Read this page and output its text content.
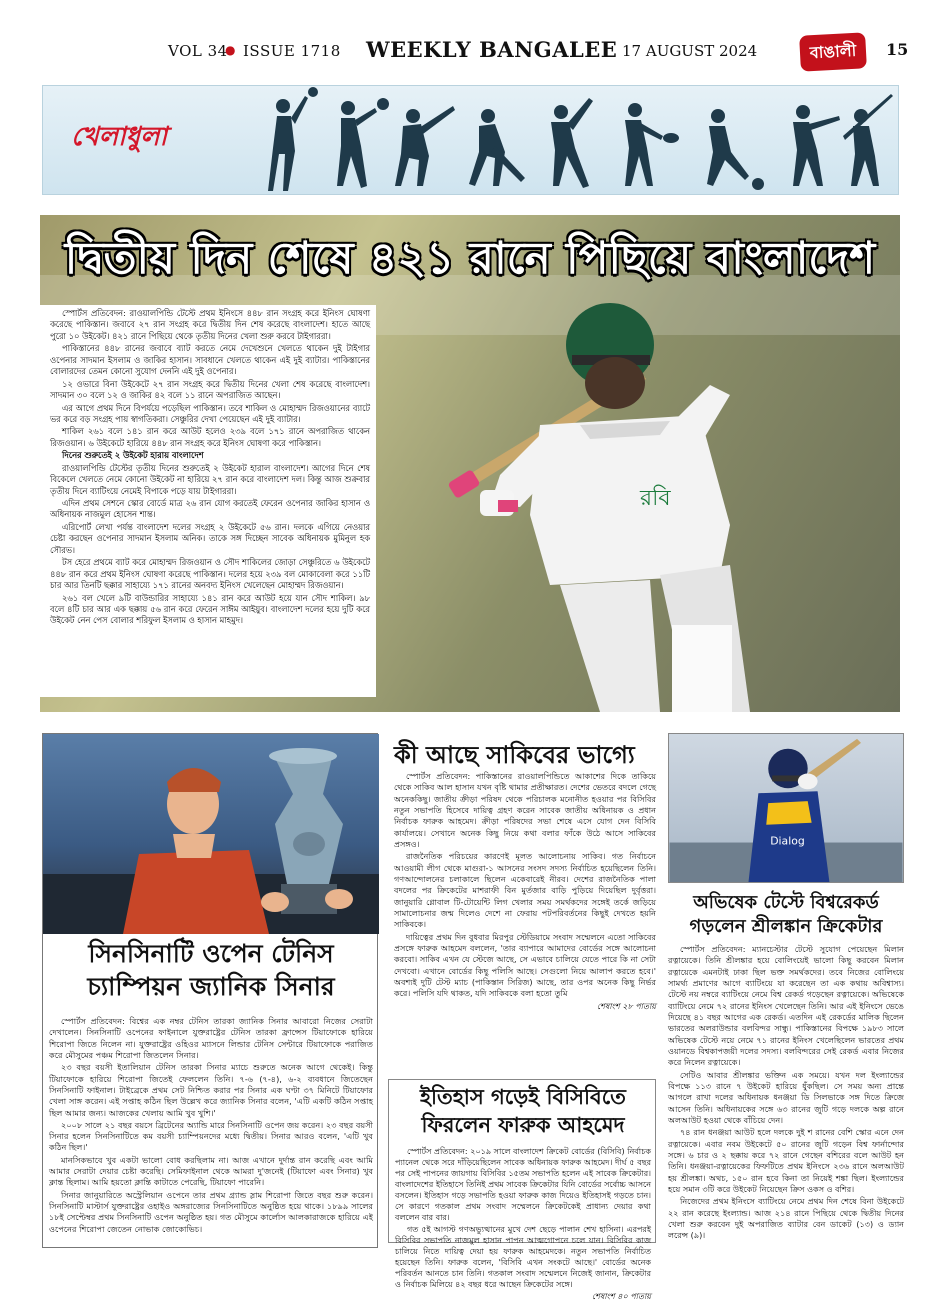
VOL 34
● ISSUE 1718 WEEKLY BANGALEE 17 AUGUST 2024	বাঙালী	15
খেলাধুলা
রবি
দ্বিতীয় দিন শেষে ৪২১ রানে পিছিয়ে বাংলাদেশ

স্পোর্টস প্রতিবেদন: রাওয়ালপিন্ডি টেস্টে প্রথম ইনিংসে ৪৪৮ রান সংগ্রহ করে ইনিংস ঘোষণা করেছে পাকিস্তান। জবাবে ২৭ রান সংগ্রহ করে দ্বিতীয় দিন শেষ করেছে বাংলাদেশ। হাতে আছে পুরো ১০ উইকেট। ৪২১ রানে পিছিয়ে থেকে তৃতীয় দিনের খেলা শুরু করবে টাইগাররা।

পাকিস্তানের ৪৪৮ রানের জবাবে ব্যাট করতে নেমে দেখেশুনে খেলতে থাকেন দুই টাইগার ওপেনার সাদমান ইসলাম ও জাকির হাসান। সাবধানে খেলতে থাকেন এই দুই ব্যাটার। পাকিস্তানের বোলারদের তেমন কোনো সুযোগ দেননি এই দুই ওপেনার।

১২ ওভারে বিনা উইকেটে ২৭ রান সংগ্রহ করে দ্বিতীয় দিনের খেলা শেষ করেছে বাংলাদেশ। সাদমান ৩০ বলে ১২ ও জাকির ৪২ বলে ১১ রানে অপরাজিত আছেন।

এর আগে প্রথম দিনে বিপর্যয়ে পড়েছিল পাকিস্তান। তবে শাকিল ও মোহাম্মদ রিজওয়ানের ব্যাটে ভর করে বড় সংগ্রহ পায় স্বাগতিকরা। সেঞ্চুরির দেখা পেয়েছেন এই দুই ব্যাটার।

শাকিল ২৬১ বলে ১৪১ রান করে আউট হলেও ২৩৯ বলে ১৭১ রানে অপরাজিত থাকেন রিজওয়ান। ৬ উইকেটে হারিয়ে ৪৪৮ রান সংগ্রহ করে ইনিংস ঘোষণা করে পাকিস্তান।

দিনের শুরুতেই ২ উইকেট হারায় বাংলাদেশ

রাওয়ালপিন্ডি টেস্টের তৃতীয় দিনের শুরুতেই ২ উইকেট হারাল বাংলাদেশ। আগের দিনে শেষ বিকেলে খেলতে নেমে কোনো উইকেট না হারিয়ে ২৭ রান করে বাংলাদেশ দল। কিন্তু আজ শুক্রবার তৃতীয় দিনে ব্যাটিংয়ে নেমেই বিপাকে পড়ে যায় টাইগাররা।

এদিন প্রথম সেশনে স্কোর বোর্ডে মাত্র ২৬ রান যোগ করতেই ফেরেন ওপেনার জাকির হাসান ও অধিনায়ক নাজমুল হোসেন শান্ত।

এরিপোর্ট লেখা পর্যন্ত বাংলাদেশ দলের সংগ্রহ ২ উইকেটে ৫৬ রান। দলকে এগিয়ে নেওয়ার চেষ্টা করছেন ওপেনার সাদমান ইসলাম অনিক। তাকে সঙ্গ দিচ্ছেন সাবেক অধিনায়ক মুমিনুল হক সৌরভ।

টস হেরে প্রথমে ব্যাট করে মোহাম্মদ রিজওয়ান ও সৌদ শাকিলের জোড়া সেঞ্চুরিতে ৬ উইকেটে ৪৪৮ রান করে প্রথম ইনিংস ঘোষণা করেছে পাকিস্তান। দলের হয়ে ২৩৯ বল মোকাবেলা করে ১১টি চার আর তিনটি ছক্কার সাহায্যে ১৭১ রানের অনবদ্য ইনিংস খেলেছেন মোহাম্মদ রিজওয়ান।

২৬১ বল খেলে ৯টি বাউন্ডারির সাহায্যে ১৪১ রান করে আউট হয়ে যান সৌদ শাকিল। ৯৮ বলে ৪টি চার আর এক ছক্কায় ৫৬ রান করে ফেরেন সাঈম আইয়ুব। বাংলাদেশ দলের হয়ে দুটি করে উইকেট নেন পেস বোলার শরিফুল ইসলাম ও হাসান মাহমুদ।

সিনসিনাটি ওপেন টেনিস চ্যাম্পিয়ন জ্যানিক সিনার

স্পোর্টস প্রতিবেদন: বিশ্বের এক নম্বর টেনিস তারকা জ্যানিক সিনার আবারো নিজের সেরাটা দেখালেন। সিনসিনাটি ওপেনের ফাইনালে যুক্তরাষ্ট্রের টেনিস তারকা ফ্রান্সেস টিয়াফোকে হারিয়ে শিরোপা জিতে নিলেন না। যুক্তরাষ্ট্রের ওহিওর ম্যাসনে লিন্ডার টেনিস সেন্টারে টিয়াফোকে পরাজিত করে মৌসুমের পঞ্চম শিরোপা জিতলেন সিনার।

২৩ বছর বয়সী ইতালিয়ান টেনিস তারকা সিনার ম্যাচে শুরুতে অনেক আগে থেকেই। কিন্তু টিয়াফোকে হারিয়ে শিরোপা জিতেই ফেললেন তিনি। ৭-৬ (৭-৪), ৬-২ ব্যবধানে জিতেছেন সিনসিনাটি ফাইনাল। টাইব্রেকে প্রথম সেট নিশ্চিত করার পর সিনার এক ঘণ্টা ৩৭ মিনিটে টিয়াফোর খেলা সাঙ্গ করেন। এই সপ্তাহ কঠিন ছিল উল্লেখ করে জ্যানিক সিনার বলেন, 'এটি একটি কঠিন সপ্তাহ ছিল আমার জন্য। আজকের খেলায় আমি খুব খুশি।'

২০০৮ সালে ২১ বছর বয়সে ব্রিটেনের অ্যান্ডি মারে সিনসিনাটি ওপেন জয় করেন। ২৩ বছর বয়সী সিনার হলেন সিনসিনাটিতে কম বয়সী চ্যাম্পিয়নদের মধ্যে দ্বিতীয়। সিনার আরও বলেন, 'এটি খুব কঠিন ছিল।'

মানসিকভাবে খুব একটা ভালো বোধ করছিলাম না। আজ এখানে দুর্দান্ত রান করেছি এবং আমি আমার সেরাটা দেয়ার চেষ্টা করেছি। সেমিফাইনাল থেকে আমরা দু'জনেই (টিয়াফো এবং সিনার) খুব ক্লান্ত ছিলাম। আমি হয়তো ক্লান্তি কাটাতে পেরেছি, টিয়াফো পারেনি।

সিনার জানুয়ারিতে অস্ট্রেলিয়ান ওপেনে তার প্রথম গ্র্যান্ড স্লাম শিরোপা জিতে বছর শুরু করেন। সিনসিনাটি মাস্টার্স যুক্তরাষ্ট্রের ওহাইও অঙ্গরাজ্যের সিনসিনাটিতে অনুষ্ঠিত হয়ে থাকে। ১৮৯৯ সালের ১৮ই সেপ্টেম্বর প্রথম সিনসিনাটি ওপেন অনুষ্ঠিত হয়। গত মৌসুমে কার্লোস আলকারাজকে হারিয়ে এই ওপেনের শিরোপা জেতেন নোভাক জোকোভিচ।

কী আছে সাকিবের ভাগ্যে

স্পোর্টস প্রতিবেদন: পাকিস্তানের রাওয়ালপিন্ডিতে আকাশের দিকে তাকিয়ে থেকে সাকিব আল হাসান যখন বৃষ্টি থামার প্রতীক্ষারত। দেশের ভেতরে বদলে গেছে অনেককিছু। জাতীয় ক্রীড়া পরিষদ থেকে পরিচালক মনোনীত হওয়ার পর বিসিবির নতুন সভাপতি হিসেবে দায়িত্ব গ্রহণ করেন সাবেক জাতীয় অধিনায়ক ও প্রধান নির্বাচক ফারুক আহমেদ। ক্রীড়া পরিষদের সভা শেষে এসে যোগ দেন বিসিবি কার্যালয়ে। সেখানে অনেক কিছু নিয়ে কথা বলার ফাঁকে উঠে আসে সাকিবের প্রসঙ্গও।

রাজনৈতিক পরিচয়ের কারণেই মূলত আলোচনায় সাকিব। গত নির্বাচনে আওয়ামী লীগ থেকে মাগুরা-১ আসনের সংসদ সদস্য নির্বাচিত হয়েছিলেন তিনি। গণআন্দোলনের চলাকালে ছিলেন একেবারেই নীরব। দেশের রাজনৈতিক পালা বদলের পর ক্রিকেটের মাশরাফী বিন মুর্তজার বাড়ি পুড়িয়ে দিয়েছিল দুর্বৃত্তরা। জানুয়ারি গ্লোবাল টি-টোয়েন্টি লিগ খেলার সময় সমর্থকদের সঙ্গেই তর্কে জড়িয়ে সামালোচনার জন্ম দিলেও দেশে না ফেরায় পটপরিবর্তনের কিছুই দেখতে হয়নি সাকিবকে।

দায়িত্বের প্রথম দিন বুধবার মিরপুর স্টেডিয়ামে সংবাদ সম্মেলনে এতো সাকিবের প্রসঙ্গে ফারুক আহমেদ বললেন, 'তার ব্যাপারে আমাদের বোর্ডের সঙ্গে আলোচনা করবো। সাকিব এখন যে স্টেজে আছে, সে এভাবে চালিয়ে যেতে পারে কি না সেটা দেখবো। এখানে বোর্ডের কিছু পলিসি আছে। সেগুলো নিয়ে আলাপ করতে হবে।' অবশ্যই দুটি টেস্ট ম্যাচ (পাকিস্তান সিরিজ) আছে, তার ওপর অনেক কিছু নির্ভর করে। পলিসি যদি থাকত, যদি সাকিবকে বলা হতো তুমি

শেষাংশ ২৮ পাতায়
ইতিহাস গড়েই বিসিবিতে ফিরলেন ফারুক আহমেদ

স্পোর্টস প্রতিবেদন: ২০১৯ সালে বাংলাদেশ ক্রিকেট বোর্ডের (বিসিবি) নির্বাচক প্যানেল থেকে সরে দাঁড়িয়েছিলেন সাবেক অধিনায়ক ফারুক আহমেদ। দীর্ঘ ৫ বছর পর সেই পাপনের জায়গায় বিসিবির ১৫তম সভাপতি হলেন এই সাবেক ক্রিকেটার। বাংলাদেশের ইতিহাসে তিনিই প্রথম সাবেক ক্রিকেটার যিনি বোর্ডের সর্বোচ্চ আসনে বসলেন। ইতিহাস গড়ে সভাপতি হওয়া ফারুক কাজ দিয়েও ইতিহাসই গড়তে চান। সে কারণে গতকাল প্রথম সংবাদ সম্মেলনে ক্রিকেটকেই প্রাধান্য দেয়ার কথা বললেন বার বার।

গত ৫ই আগস্ট গণঅভ্যুত্থানের মুখে দেশ ছেড়ে পালান শেখ হাসিনা। এরপরই বিসিবির সভাপতি নাজমুল হাসান পাপন আত্মগোপনে চলে যান। বিসিবির কাজ চালিয়ে নিতে দায়িত্ব দেয়া হয় ফারুক আহমেদকে। নতুন সভাপতি নির্বাচিত হয়েছেন তিনি। ফারুক বলেন, 'বিসিবি এখন সংকটে আছে।' বোর্ডের অনেক পরিবর্তন আনতে চান তিনি। গতকাল সংবাদ সম্মেলনে নিজেই জানান, ক্রিকেটার ও নির্বাচক মিলিয়ে ৪২ বছর ধরে আছেন ক্রিকেটের সঙ্গে।

শেষাংশ ৪০ পাতায়
Dialog
অভিষেক টেস্টে বিশ্বরেকর্ড গড়লেন শ্রীলঙ্কান ক্রিকেটার

স্পোর্টস প্রতিবেদন: ম্যানচেস্টার টেস্টে সুযোগ পেয়েছেন মিলান রত্নায়েকে। তিনি শ্রীলঙ্কার হয়ে বোলিংয়েই ভালো কিছু করবেন মিলান রত্নায়েকে এমনটাই ঢাকা ছিল ভক্ত সমর্থকদের। তবে নিজের বোলিংয়ে সামর্থ্য প্রমাণের আগে ব্যাটিংয়ে যা করেছেন তা এক কথায় অবিশ্বাস্য। টেস্টে নয় নম্বরে ব্যাটিংয়ে নেমে বিশ্ব রেকর্ড গড়েছেন রত্নায়েকে। অভিষেকে ব্যাটিংয়ে নেমে ৭২ রানের ইনিংস খেলেছেন তিনি। আর এই ইনিংসে ভেঙে দিয়েছে ৪১ বছর আগের এক রেকর্ড। এতদিন এই রেকর্ডের মালিক ছিলেন ভারতের অলরাউন্ডার বলবিন্দর সান্ধু। পাকিস্তানের বিপক্ষে ১৯৮৩ সালে অভিষেক টেস্টে নয়ে নেমে ৭১ রানের ইনিংস খেলেছিলেন ভারতের প্রথম ওয়ানডে বিশ্বকাপজয়ী দলের সদস্য। বলবিন্দরের সেই রেকর্ড এবার নিজের করে নিলেন রত্নায়েকে।

সেটিও আবার শ্রীলঙ্কার ভক্তিন এক সময়ে। যখন দল ইংল্যান্ডের বিপক্ষে ১১৩ রানে ৭ উইকেট হারিয়ে ধুঁকছিল। সে সময় অন্য প্রান্তে আগলে রাখা দলের অধিনায়ক ধনঞ্জয়া ডি সিলভাকে সঙ্গ দিতে ক্রিজে আসেন তিনি। অধিনায়কের সঙ্গে ৬৩ রানের জুটি গড়ে দলকে অল্প রানে অলআউট হওয়া থেকে বাঁচিয়ে দেন।

৭৪ রান ধনঞ্জয়া আউট হলে দলকে দুই শ রানের বেশি স্কোর এনে দেন রত্নায়েকে। এবার নবম উইকেটে ৫০ রানের জুটি গড়েন বিশ্ব ফার্নান্দোর সঙ্গে। ৬ চার ও ২ ছক্কায় করে ৭২ রানে গেছেন বশিরের বলে আউট হন তিনি। ধনঞ্জয়া-রত্নায়েকের ফিফটিতে প্রথম ইনিংসে ২৩৬ রানে অলআউট হয় শ্রীলঙ্কা। অথচ, ১৫০ রান হবে কিনা তা নিয়েই শঙ্কা ছিল। ইংল্যান্ডের হয়ে সমান ৩টি করে উইকেট নিয়েছেন ক্রিস ওকস ও বশির।

নিজেদের প্রথম ইনিংসে ব্যাটিংয়ে নেমে প্রথম দিন শেষে বিনা উইকেটে ২২ রান করেছে ইংল্যান্ড। আজ ২১৪ রানে পিছিয়ে থেকে দ্বিতীয় দিনের খেলা শুরু করবেন দুই অপরাজিত ব্যাটার বেন ডাকেট (১৩) ও ড্যান লরেন্স (৯)।
